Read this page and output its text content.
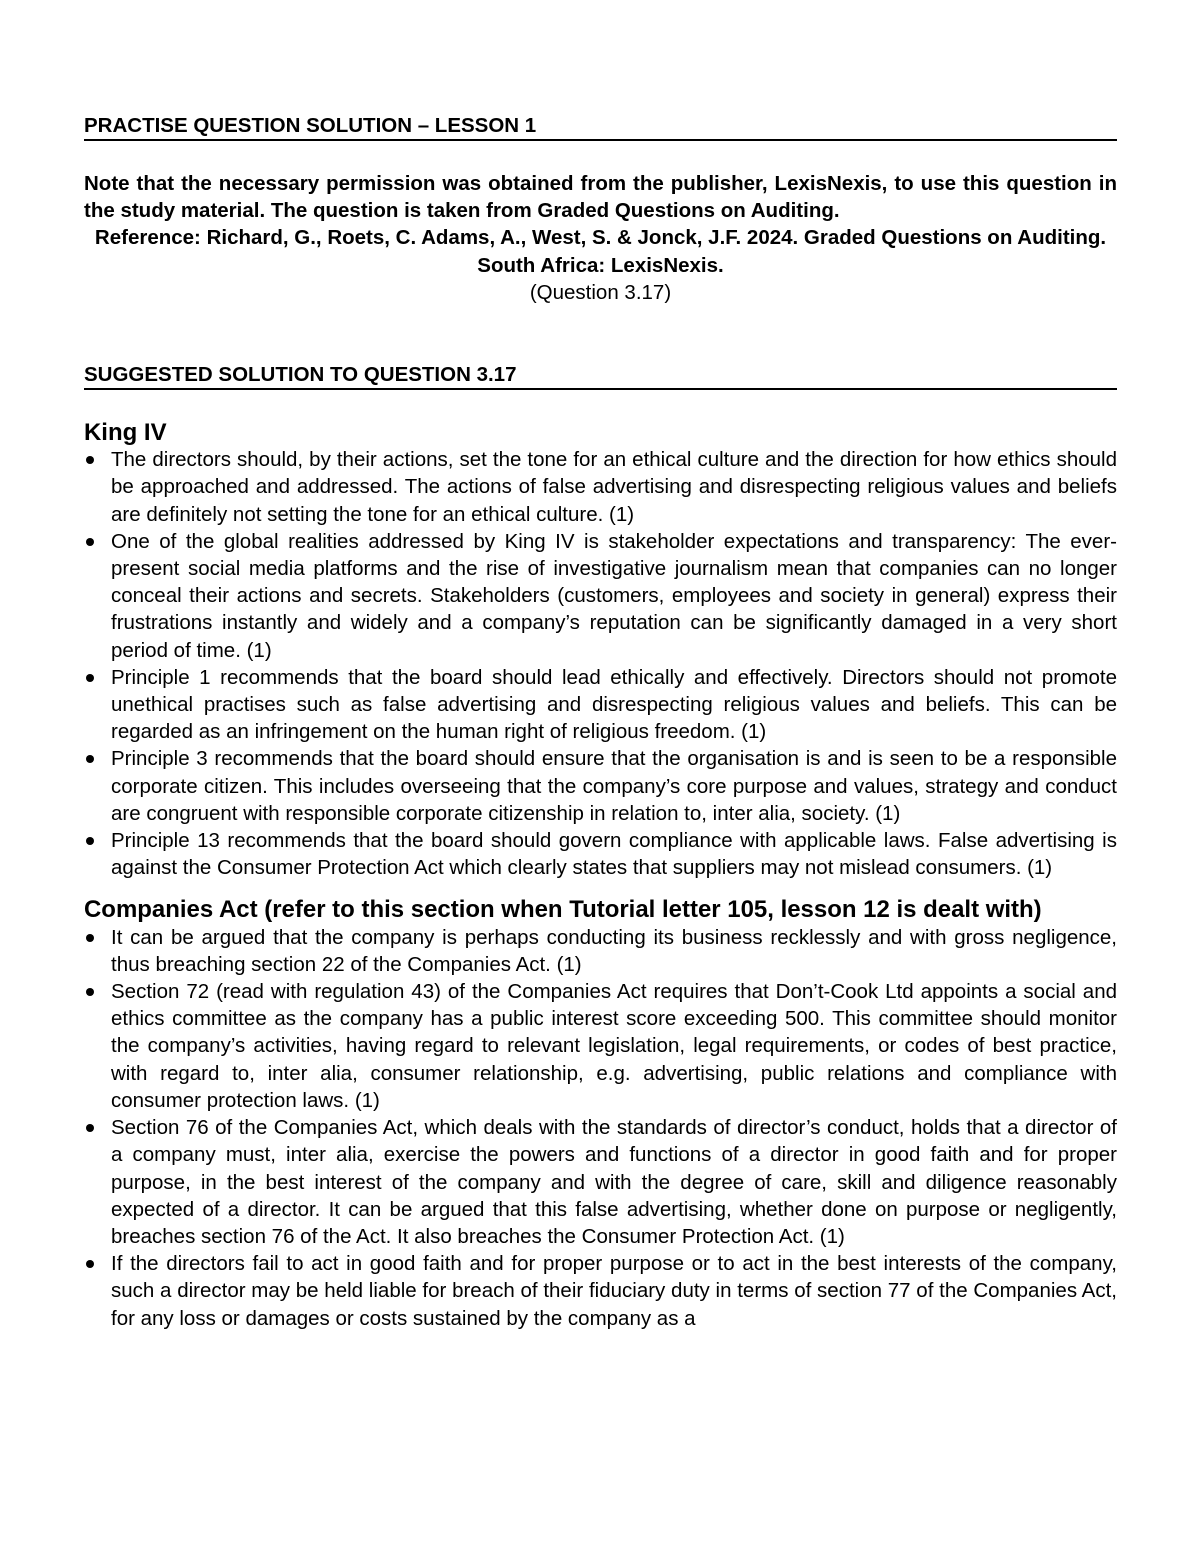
PRACTISE QUESTION SOLUTION – LESSON 1

Note that the necessary permission was obtained from the publisher, LexisNexis, to use this question in the study material. The question is taken from Graded Questions on Auditing.

Reference: Richard, G., Roets, C. Adams, A., West, S. & Jonck, J.F. 2024. Graded Questions on Auditing.

South Africa: LexisNexis.

(Question 3.17)

SUGGESTED SOLUTION TO QUESTION 3.17
King IV
The directors should, by their actions, set the tone for an ethical culture and the direction for how ethics should be approached and addressed. The actions of false advertising and disrespecting religious values and beliefs are definitely not setting the tone for an ethical culture. (1)
One of the global realities addressed by King IV is stakeholder expectations and transparency: The ever-present social media platforms and the rise of investigative journalism mean that companies can no longer conceal their actions and secrets. Stakeholders (customers, employees and society in general) express their frustrations instantly and widely and a company’s reputation can be significantly damaged in a very short period of time. (1)
Principle 1 recommends that the board should lead ethically and effectively. Directors should not promote unethical practises such as false advertising and disrespecting religious values and beliefs. This can be regarded as an infringement on the human right of religious freedom. (1)
Principle 3 recommends that the board should ensure that the organisation is and is seen to be a responsible corporate citizen. This includes overseeing that the company’s core purpose and values, strategy and conduct are congruent with responsible corporate citizenship in relation to, inter alia, society. (1)
Principle 13 recommends that the board should govern compliance with applicable laws. False advertising is against the Consumer Protection Act which clearly states that suppliers may not mislead consumers. (1)
Companies Act (refer to this section when Tutorial letter 105, lesson 12 is dealt with)
It can be argued that the company is perhaps conducting its business recklessly and with gross negligence, thus breaching section 22 of the Companies Act. (1)
Section 72 (read with regulation 43) of the Companies Act requires that Don’t-Cook Ltd appoints a social and ethics committee as the company has a public interest score exceeding 500. This committee should monitor the company’s activities, having regard to relevant legislation, legal requirements, or codes of best practice, with regard to, inter alia, consumer relationship, e.g. advertising, public relations and compliance with consumer protection laws. (1)
Section 76 of the Companies Act, which deals with the standards of director’s conduct, holds that a director of a company must, inter alia, exercise the powers and functions of a director in good faith and for proper purpose, in the best interest of the company and with the degree of care, skill and diligence reasonably expected of a director. It can be argued that this false advertising, whether done on purpose or negligently, breaches section 76 of the Act. It also breaches the Consumer Protection Act. (1)
If the directors fail to act in good faith and for proper purpose or to act in the best interests of the company, such a director may be held liable for breach of their fiduciary duty in terms of section 77 of the Companies Act, for any loss or damages or costs sustained by the company as a
